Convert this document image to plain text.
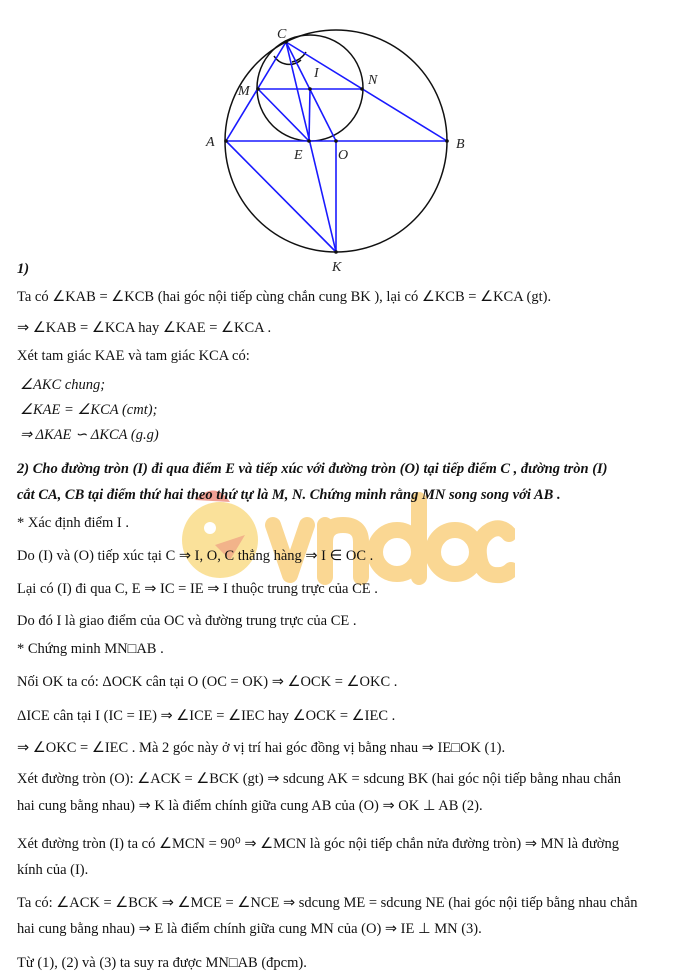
C
I	N
M
A
E	O
B
K
1)
Ta có ∠KAB = ∠KCB (hai góc nội tiếp cùng chắn cung BK ), lại có ∠KCB = ∠KCA (gt).
⇒ ∠KAB = ∠KCA hay ∠KAE = ∠KCA .
Xét tam giác KAE và tam giác KCA có:
∠AKC chung;
∠KAE = ∠KCA (cmt);
⇒ ΔKAE ∽ ΔKCA (g.g)
2) Cho đường tròn (I) đi qua điểm E và tiếp xúc với đường tròn (O) tại tiếp điểm C , đường tròn (I)
cắt CA, CB tại điểm thứ hai theo thứ tự là M, N. Chứng minh rằng MN song song với AB .
* Xác định điểm I .
Do (I) và (O) tiếp xúc tại C ⇒ I, O, C thẳng hàng ⇒ I ∈ OC .
Lại có (I) đi qua C, E ⇒ IC = IE ⇒ I thuộc trung trực của CE .
Do đó I là giao điểm của OC và đường trung trực của CE .
* Chứng minh MN□AB .
Nối OK ta có: ΔOCK cân tại O (OC = OK) ⇒ ∠OCK = ∠OKC .
ΔICE cân tại I (IC = IE) ⇒ ∠ICE = ∠IEC hay ∠OCK = ∠IEC .
⇒ ∠OKC = ∠IEC . Mà 2 góc này ở vị trí hai góc đồng vị bằng nhau ⇒ IE□OK (1).
Xét đường tròn (O): ∠ACK = ∠BCK (gt) ⇒ sdcung AK = sdcung BK (hai góc nội tiếp bằng nhau chắn
hai cung bằng nhau) ⇒ K là điểm chính giữa cung AB của (O) ⇒ OK ⊥ AB (2).
Xét đường tròn (I) ta có ∠MCN = 90⁰ ⇒ ∠MCN là góc nội tiếp chắn nửa đường tròn) ⇒ MN là đường
kính của (I).
Ta có: ∠ACK = ∠BCK ⇒ ∠MCE = ∠NCE ⇒ sdcung ME = sdcung NE (hai góc nội tiếp bằng nhau chắn
hai cung bằng nhau) ⇒ E là điểm chính giữa cung MN của (O) ⇒ IE ⊥ MN (3).
Từ (1), (2) và (3) ta suy ra được MN□AB (đpcm).
